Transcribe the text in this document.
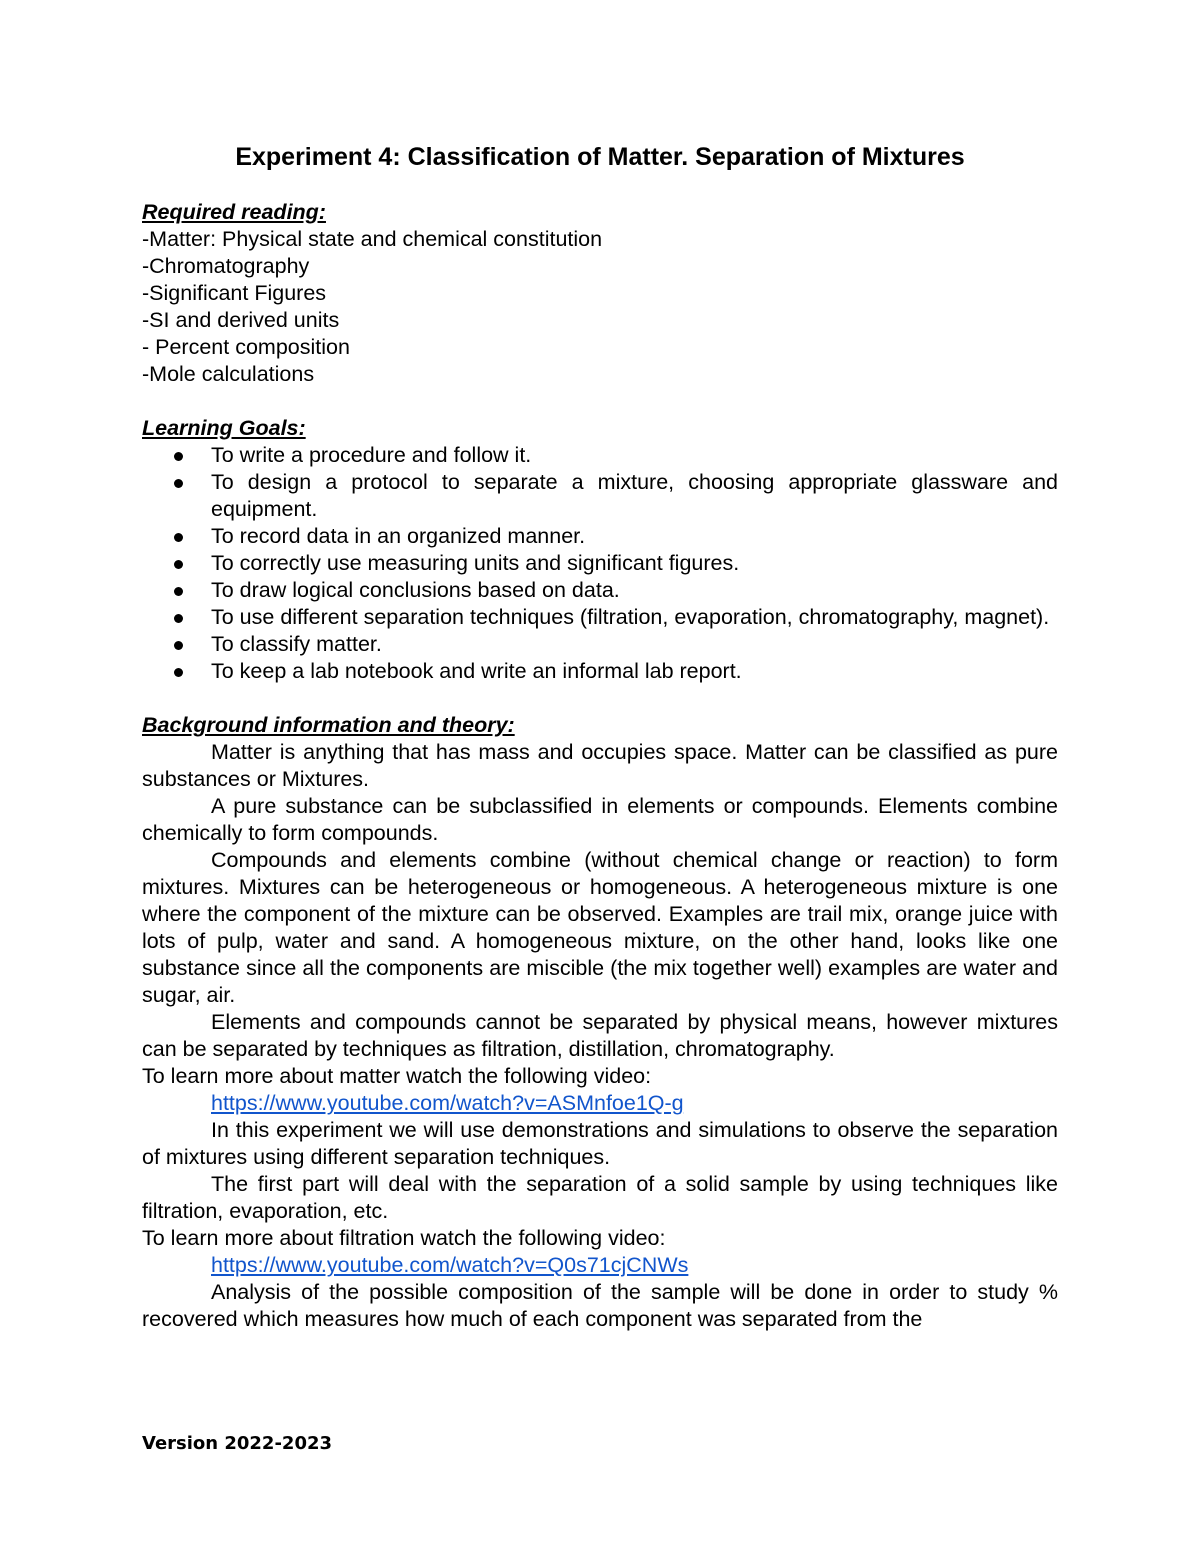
Experiment 4: Classification of Matter. Separation of Mixtures

Required reading:

-Matter: Physical state and chemical constitution

-Chromatography

-Significant Figures

-SI and derived units

- Percent composition

-Mole calculations

Learning Goals:

To write a procedure and follow it.
To design a protocol to separate a mixture, choosing appropriate glassware and equipment.
To record data in an organized manner.
To correctly use measuring units and significant figures.
To draw logical conclusions based on data.
To use different separation techniques (filtration, evaporation, chromatography, magnet).
To classify matter.
To keep a lab notebook and write an informal lab report.

Background information and theory:

Matter is anything that has mass and occupies space. Matter can be classified as pure substances or Mixtures.

A pure substance can be subclassified in elements or compounds. Elements combine chemically to form compounds.

Compounds and elements combine (without chemical change or reaction) to form mixtures. Mixtures can be heterogeneous or homogeneous. A heterogeneous mixture is one where the component of the mixture can be observed. Examples are trail mix, orange juice with lots of pulp, water and sand. A homogeneous mixture, on the other hand, looks like one substance since all the components are miscible (the mix together well) examples are water and sugar, air.

Elements and compounds cannot be separated by physical means, however mixtures can be separated by techniques as filtration, distillation, chromatography.

To learn more about matter watch the following video:

https://www.youtube.com/watch?v=ASMnfoe1Q-g

In this experiment we will use demonstrations and simulations to observe the separation of mixtures using different separation techniques.

The first part will deal with the separation of a solid sample by using techniques like filtration, evaporation, etc.

To learn more about filtration watch the following video:

https://www.youtube.com/watch?v=Q0s71cjCNWs

Analysis of the possible composition of the sample will be done in order to study % recovered which measures how much of each component was separated from the

Version 2022-2023
